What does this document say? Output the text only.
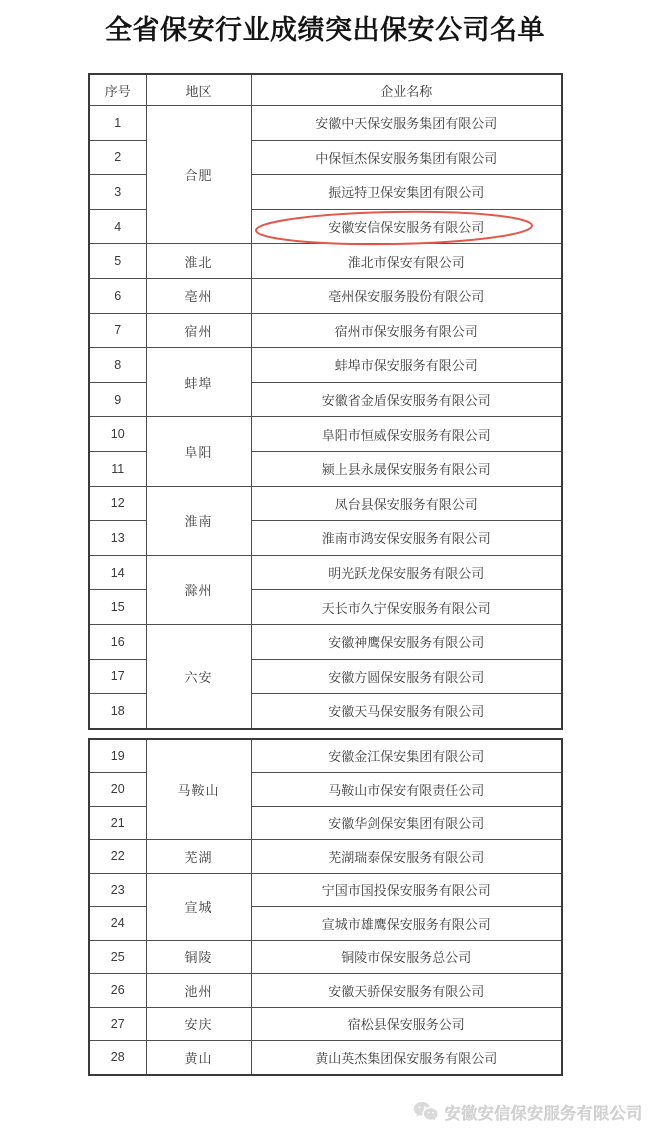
全省保安行业成绩突出保安公司名单
序号	地区	企业名称
1	合肥	安徽中天保安服务集团有限公司
2		中保恒杰保安服务集团有限公司
3		振远特卫保安集团有限公司
4		安徽安信保安服务有限公司
5	淮北	淮北市保安有限公司
6	亳州	亳州保安服务股份有限公司
7	宿州	宿州市保安服务有限公司
8	蚌埠	蚌埠市保安服务有限公司
9		安徽省金盾保安服务有限公司
10	阜阳	阜阳市恒威保安服务有限公司
11		颍上县永晟保安服务有限公司
12	淮南	凤台县保安服务有限公司
13		淮南市鸿安保安服务有限公司
14	滁州	明光跃龙保安服务有限公司
15		天长市久宁保安服务有限公司
16	六安	安徽神鹰保安服务有限公司
17		安徽方圆保安服务有限公司
18		安徽天马保安服务有限公司
19	马鞍山	安徽金江保安集团有限公司
20		马鞍山市保安有限责任公司
21		安徽华剑保安集团有限公司
22	芜湖	芜湖瑞泰保安服务有限公司
23	宣城	宁国市国投保安服务有限公司
24		宣城市雄鹰保安服务有限公司
25	铜陵	铜陵市保安服务总公司
26	池州	安徽天骄保安服务有限公司
27	安庆	宿松县保安服务公司
28	黄山	黄山英杰集团保安服务有限公司
安徽安信保安服务有限公司
